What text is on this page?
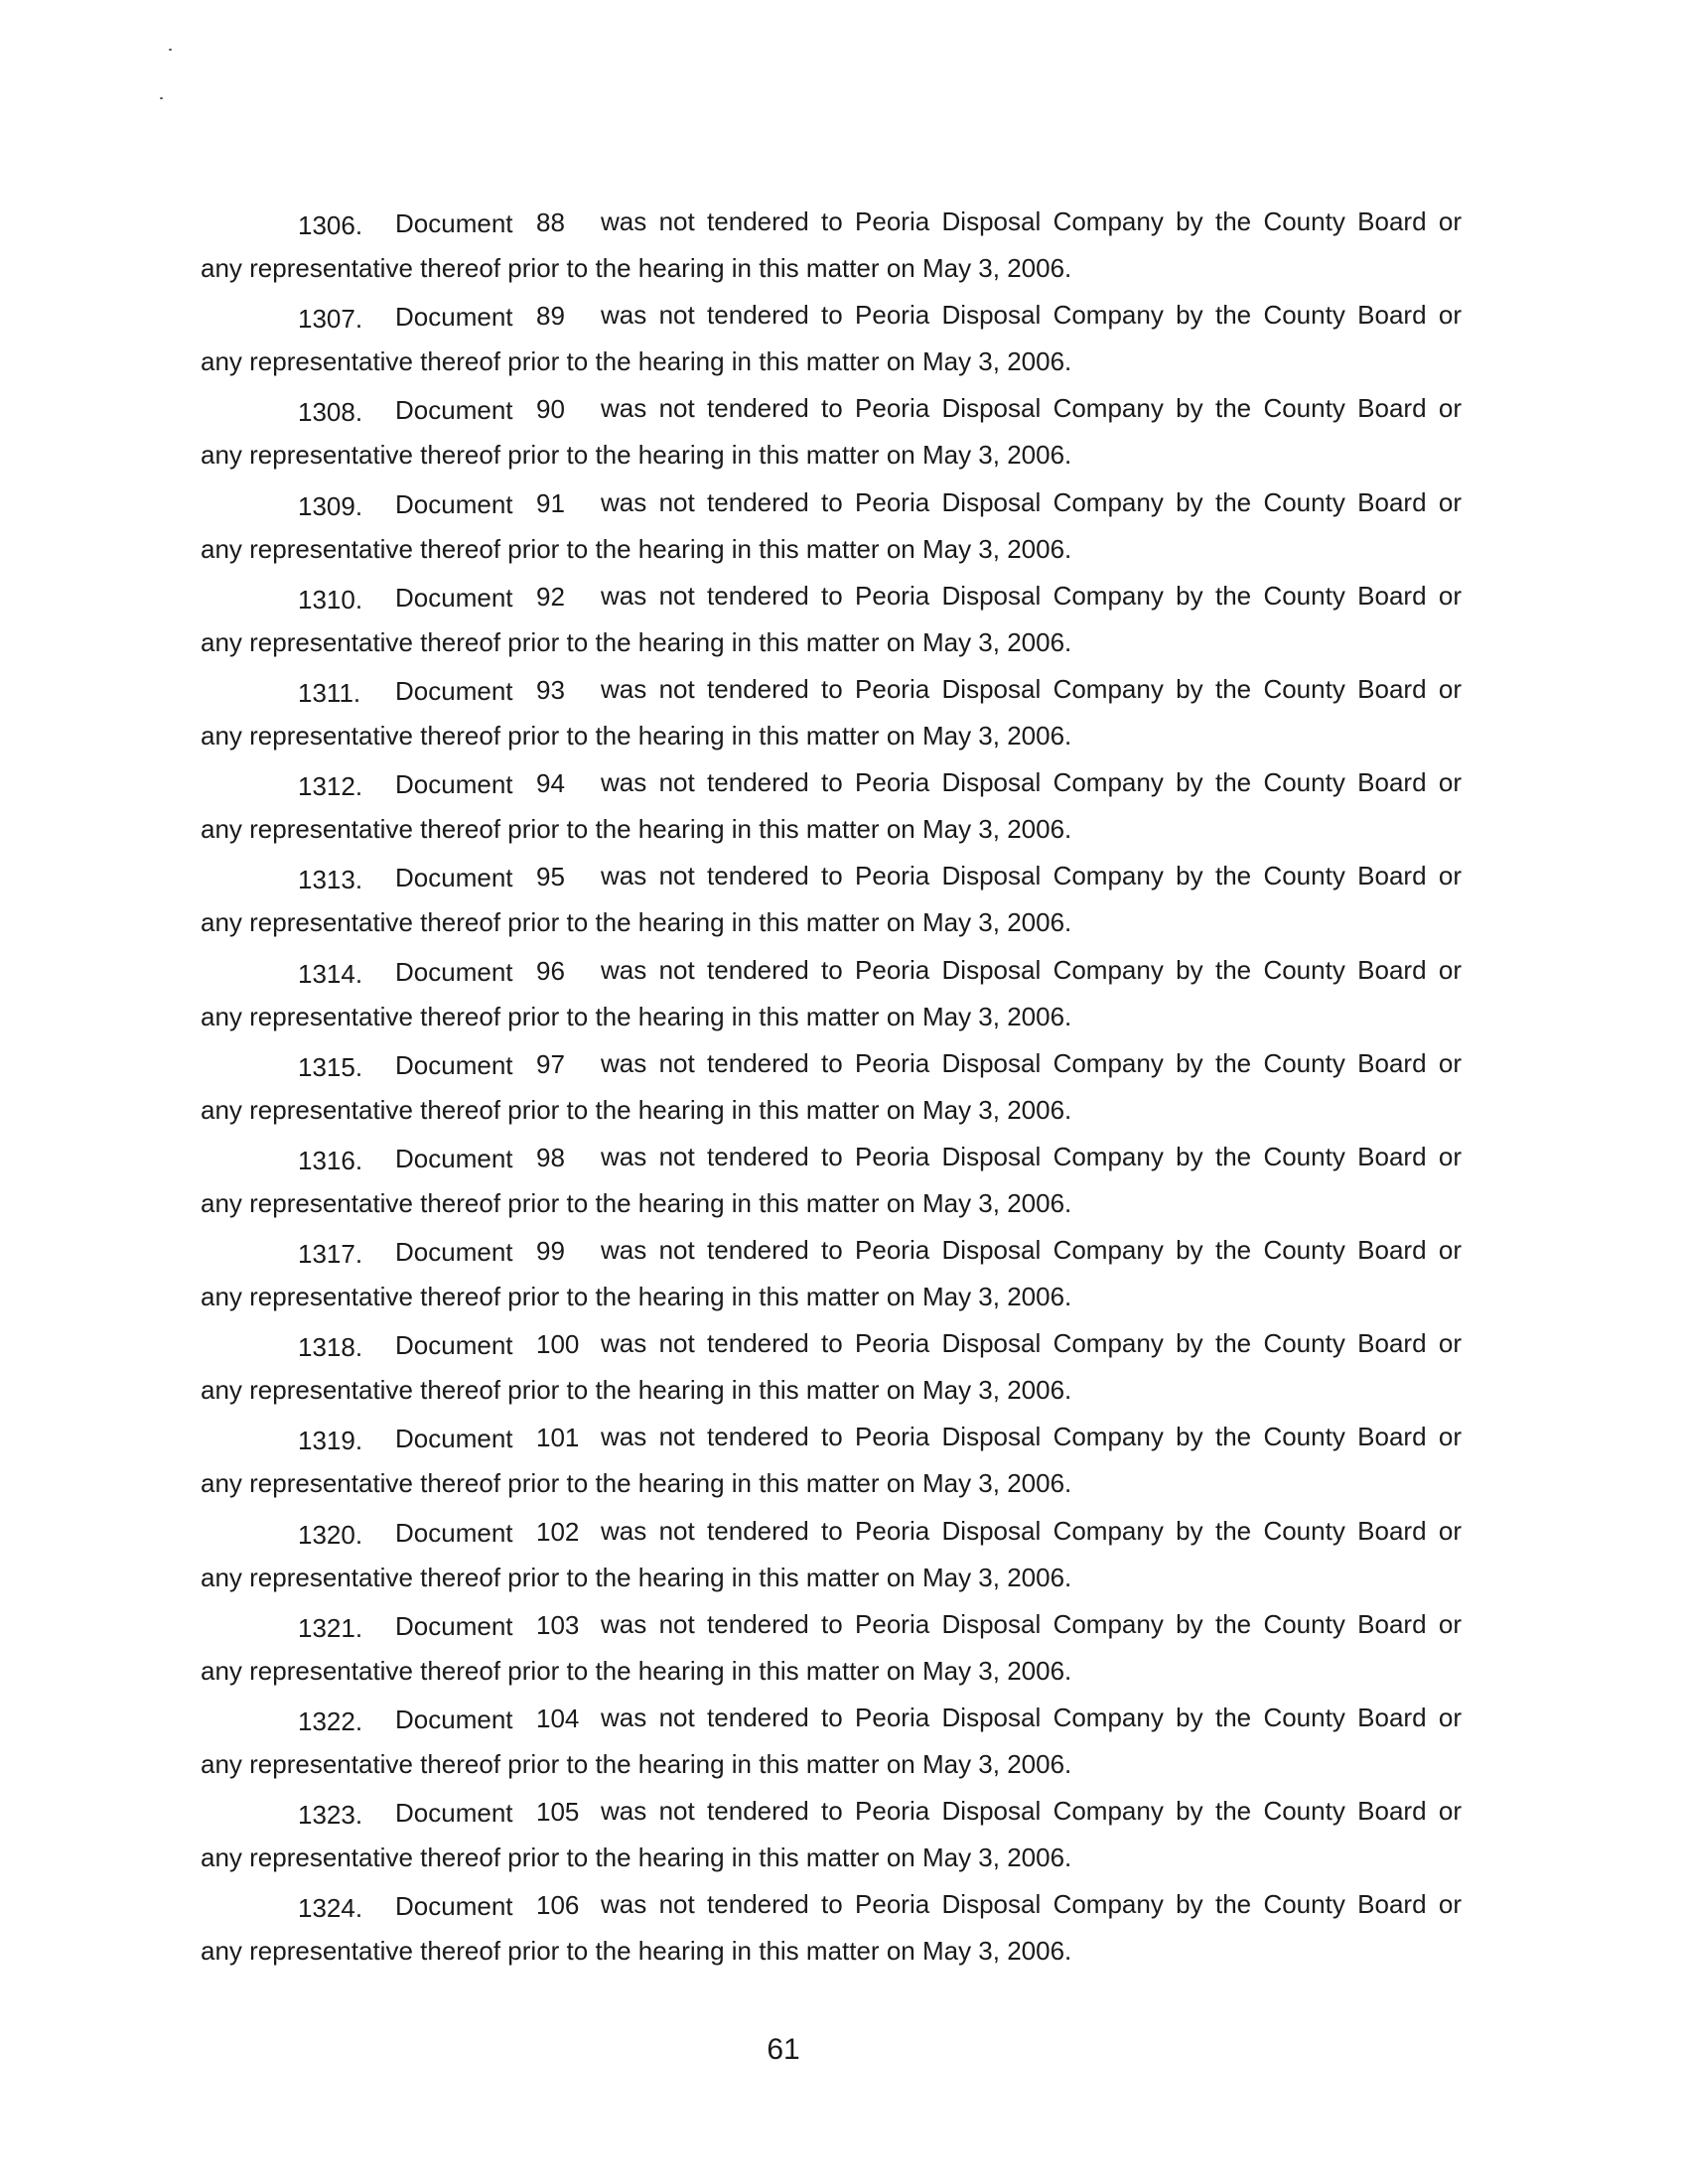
1306. Document 88 was not tendered to Peoria Disposal Company by the County Board or
any representative thereof prior to the hearing in this matter on May 3, 2006.
1307. Document 89 was not tendered to Peoria Disposal Company by the County Board or
any representative thereof prior to the hearing in this matter on May 3, 2006.
1308. Document 90 was not tendered to Peoria Disposal Company by the County Board or
any representative thereof prior to the hearing in this matter on May 3, 2006.
1309. Document 91 was not tendered to Peoria Disposal Company by the County Board or
any representative thereof prior to the hearing in this matter on May 3, 2006.
1310. Document 92 was not tendered to Peoria Disposal Company by the County Board or
any representative thereof prior to the hearing in this matter on May 3, 2006.
1311. Document 93 was not tendered to Peoria Disposal Company by the County Board or
any representative thereof prior to the hearing in this matter on May 3, 2006.
1312. Document 94 was not tendered to Peoria Disposal Company by the County Board or
any representative thereof prior to the hearing in this matter on May 3, 2006.
1313. Document 95 was not tendered to Peoria Disposal Company by the County Board or
any representative thereof prior to the hearing in this matter on May 3, 2006.
1314. Document 96 was not tendered to Peoria Disposal Company by the County Board or
any representative thereof prior to the hearing in this matter on May 3, 2006.
1315. Document 97 was not tendered to Peoria Disposal Company by the County Board or
any representative thereof prior to the hearing in this matter on May 3, 2006.
1316. Document 98 was not tendered to Peoria Disposal Company by the County Board or
any representative thereof prior to the hearing in this matter on May 3, 2006.
1317. Document 99 was not tendered to Peoria Disposal Company by the County Board or
any representative thereof prior to the hearing in this matter on May 3, 2006.
1318. Document 100 was not tendered to Peoria Disposal Company by the County Board or
any representative thereof prior to the hearing in this matter on May 3, 2006.
1319. Document 101 was not tendered to Peoria Disposal Company by the County Board or
any representative thereof prior to the hearing in this matter on May 3, 2006.
1320. Document 102 was not tendered to Peoria Disposal Company by the County Board or
any representative thereof prior to the hearing in this matter on May 3, 2006.
1321. Document 103 was not tendered to Peoria Disposal Company by the County Board or
any representative thereof prior to the hearing in this matter on May 3, 2006.
1322. Document 104 was not tendered to Peoria Disposal Company by the County Board or
any representative thereof prior to the hearing in this matter on May 3, 2006.
1323. Document 105 was not tendered to Peoria Disposal Company by the County Board or
any representative thereof prior to the hearing in this matter on May 3, 2006.
1324. Document 106 was not tendered to Peoria Disposal Company by the County Board or
any representative thereof prior to the hearing in this matter on May 3, 2006.
61
